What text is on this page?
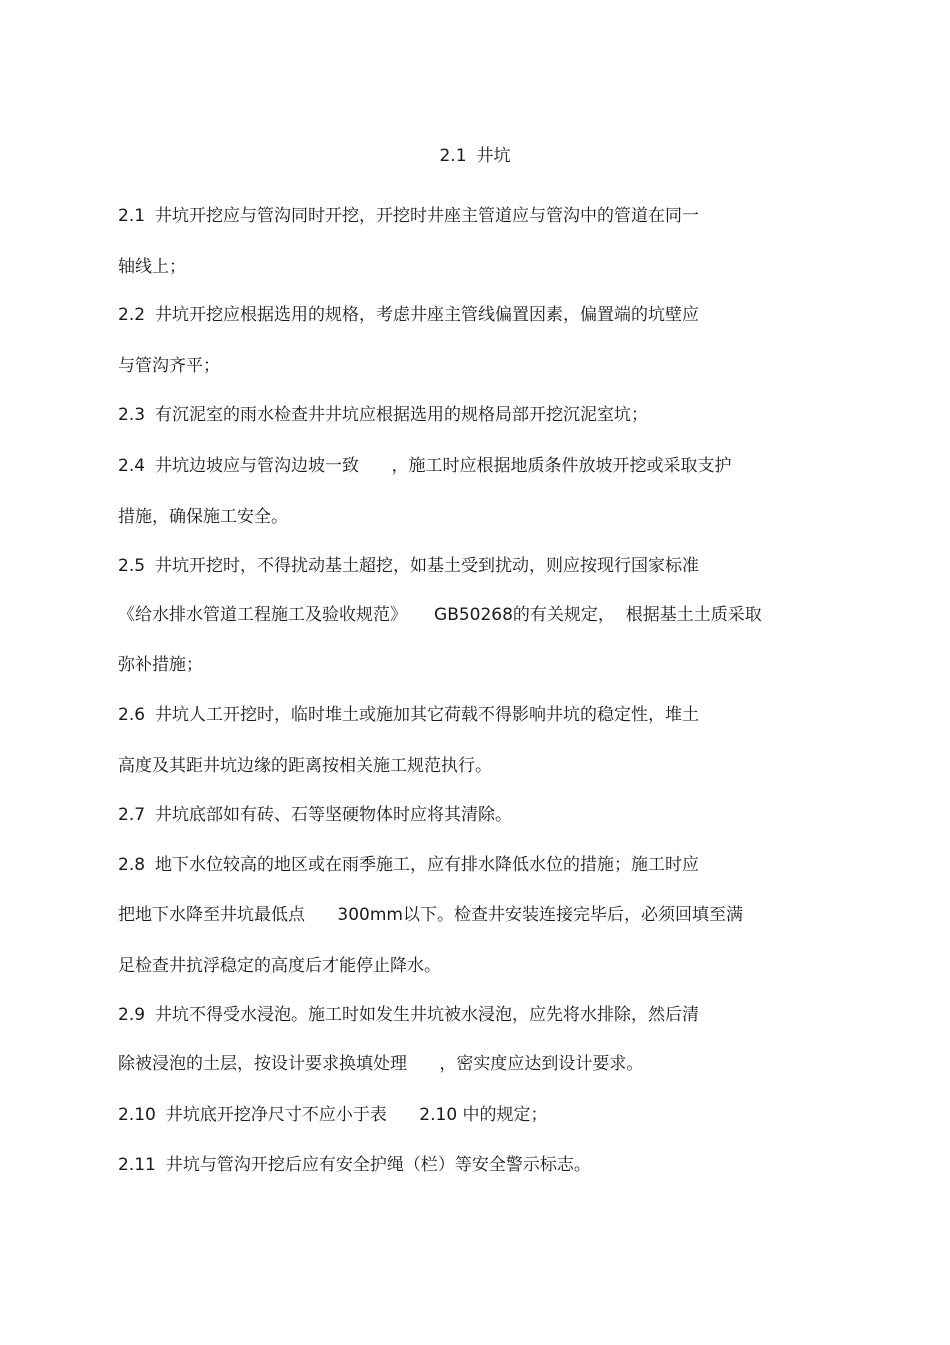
2.1 井坑
2.1 井坑开挖应与管沟同时开挖，开挖时井座主管道应与管沟中的管道在同一
轴线上；
2.2 井坑开挖应根据选用的规格，考虑井座主管线偏置因素，偏置端的坑壁应
与管沟齐平；
2.3 有沉泥室的雨水检查井井坑应根据选用的规格局部开挖沉泥室坑；
2.4 井坑边坡应与管沟边坡一致      ，施工时应根据地质条件放坡开挖或采取支护
措施，确保施工安全。
2.5 井坑开挖时，不得扰动基土超挖，如基土受到扰动，则应按现行国家标准
《给水排水管道工程施工及验收规范》     GB50268的有关规定，  根据基土土质采取
弥补措施；
2.6 井坑人工开挖时，临时堆土或施加其它荷载不得影响井坑的稳定性，堆土
高度及其距井坑边缘的距离按相关施工规范执行。
2.7 井坑底部如有砖、石等坚硬物体时应将其清除。
2.8 地下水位较高的地区或在雨季施工，应有排水降低水位的措施；施工时应
把地下水降至井坑最低点      300mm以下。检查井安装连接完毕后，必须回填至满
足检查井抗浮稳定的高度后才能停止降水。
2.9 井坑不得受水浸泡。施工时如发生井坑被水浸泡，应先将水排除，然后清
除被浸泡的土层，按设计要求换填处理      ，密实度应达到设计要求。
2.10 井坑底开挖净尺寸不应小于表      2.10 中的规定；
2.11 井坑与管沟开挖后应有安全护绳（栏）等安全警示标志。
